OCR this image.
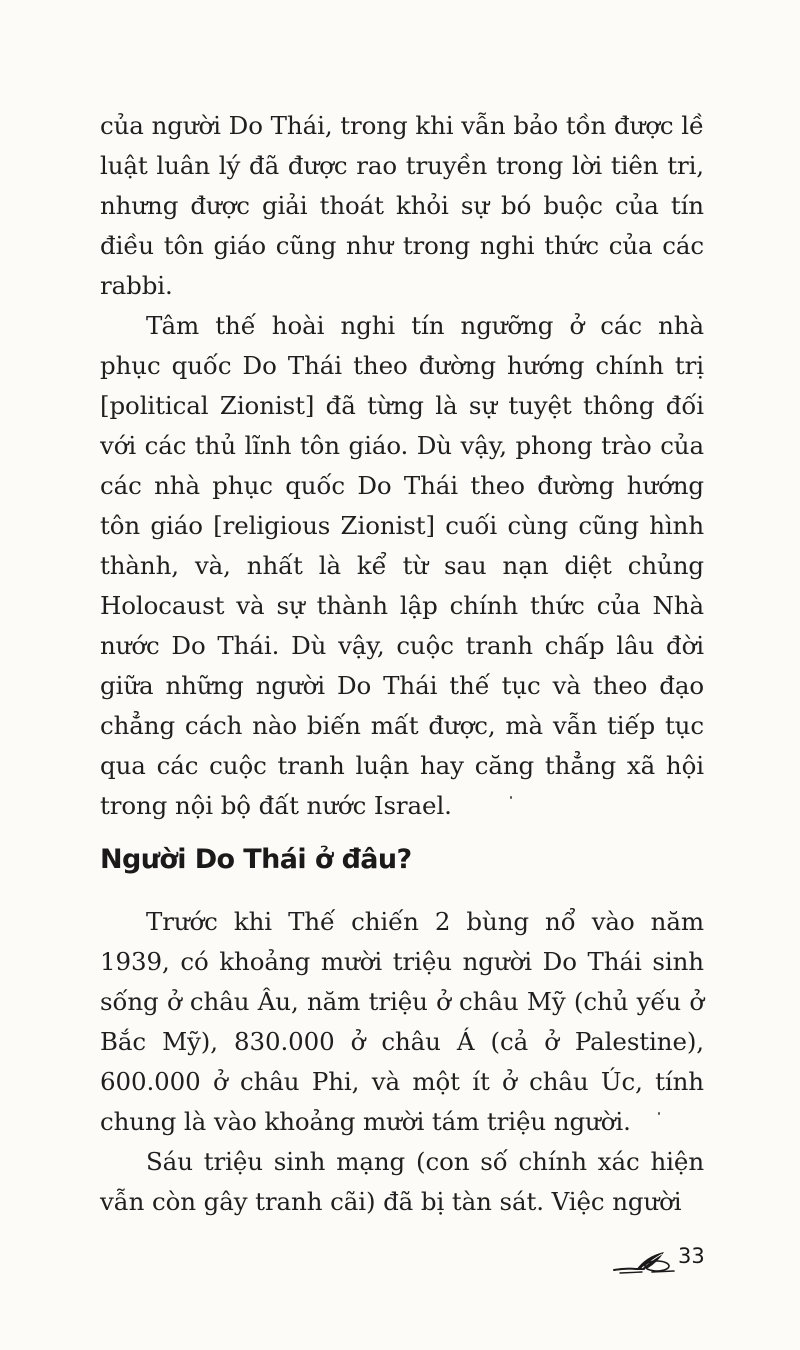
của người Do Thái, trong khi vẫn bảo tồn được lề luật luân lý đã được rao truyền trong lời tiên tri, nhưng được giải thoát khỏi sự bó buộc của tín điều tôn giáo cũng như trong nghi thức của các rabbi.

Tâm thế hoài nghi tín ngưỡng ở các nhà phục quốc Do Thái theo đường hướng chính trị [political Zionist] đã từng là sự tuyệt thông đối với các thủ lĩnh tôn giáo. Dù vậy, phong trào của các nhà phục quốc Do Thái theo đường hướng tôn giáo [religious Zionist] cuối cùng cũng hình thành, và, nhất là kể từ sau nạn diệt chủng Holocaust và sự thành lập chính thức của Nhà nước Do Thái. Dù vậy, cuộc tranh chấp lâu đời giữa những người Do Thái thế tục và theo đạo chẳng cách nào biến mất được, mà vẫn tiếp tục qua các cuộc tranh luận hay căng thẳng xã hội trong nội bộ đất nước Israel.

Người Do Thái ở đâu?

Trước khi Thế chiến 2 bùng nổ vào năm 1939, có khoảng mười triệu người Do Thái sinh sống ở châu Âu, năm triệu ở châu Mỹ (chủ yếu ở Bắc Mỹ), 830.000 ở châu Á (cả ở Palestine), 600.000 ở châu Phi, và một ít ở châu Úc, tính chung là vào khoảng mười tám triệu người.

Sáu triệu sinh mạng (con số chính xác hiện vẫn còn gây tranh cãi) đã bị tàn sát. Việc người

33
